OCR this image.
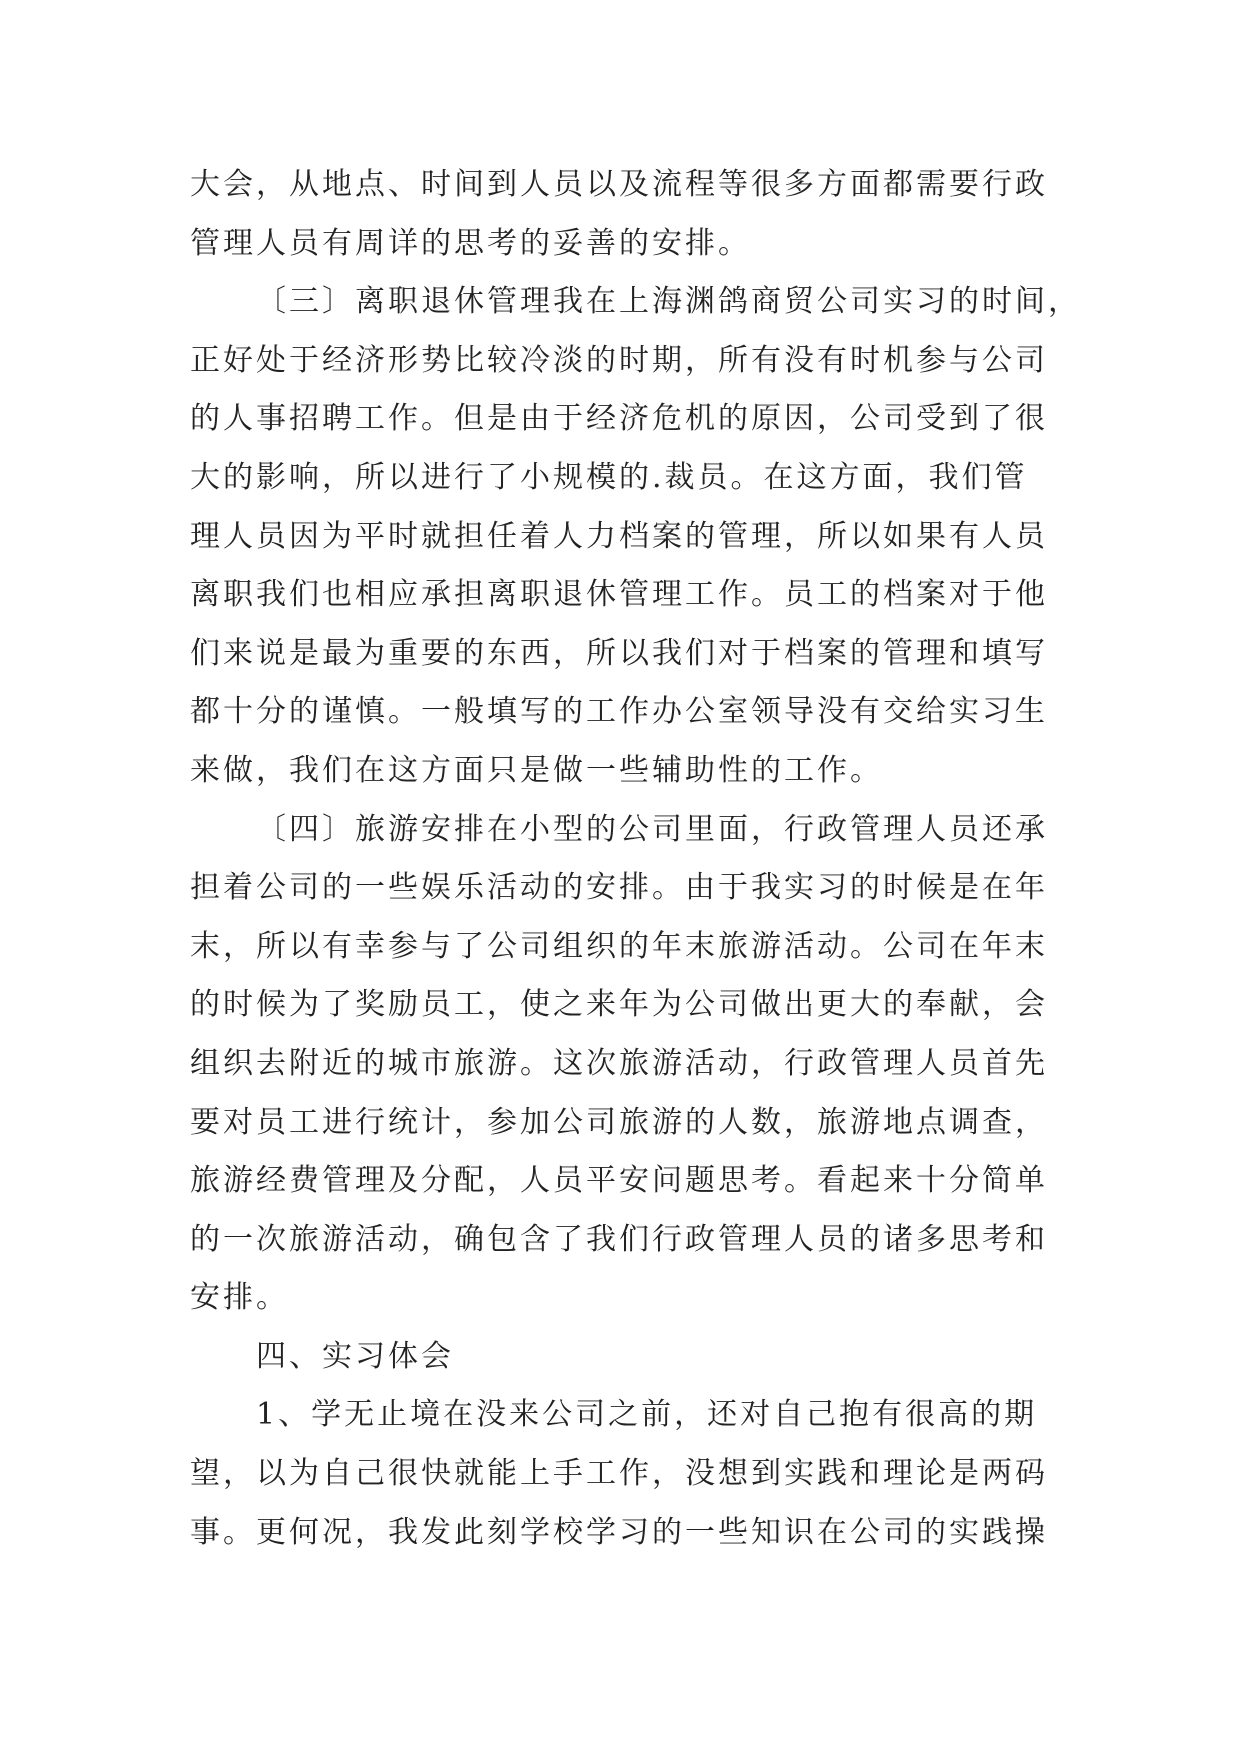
大会，从地点、时间到人员以及流程等很多方面都需要行政
管理人员有周详的思考的妥善的安排。
〔三〕离职退休管理我在上海渊鸽商贸公司实习的时间，
正好处于经济形势比较冷淡的时期，所有没有时机参与公司
的人事招聘工作。但是由于经济危机的原因，公司受到了很
大的影响，所以进行了小规模的.裁员。在这方面，我们管
理人员因为平时就担任着人力档案的管理，所以如果有人员
离职我们也相应承担离职退休管理工作。员工的档案对于他
们来说是最为重要的东西，所以我们对于档案的管理和填写
都十分的谨慎。一般填写的工作办公室领导没有交给实习生
来做，我们在这方面只是做一些辅助性的工作。
〔四〕旅游安排在小型的公司里面，行政管理人员还承
担着公司的一些娱乐活动的安排。由于我实习的时候是在年
末，所以有幸参与了公司组织的年末旅游活动。公司在年末
的时候为了奖励员工，使之来年为公司做出更大的奉献，会
组织去附近的城市旅游。这次旅游活动，行政管理人员首先
要对员工进行统计，参加公司旅游的人数，旅游地点调查，
旅游经费管理及分配，人员平安问题思考。看起来十分简单
的一次旅游活动，确包含了我们行政管理人员的诸多思考和
安排。
四、实习体会
1、学无止境在没来公司之前，还对自己抱有很高的期
望，以为自己很快就能上手工作，没想到实践和理论是两码
事。更何况，我发此刻学校学习的一些知识在公司的实践操
